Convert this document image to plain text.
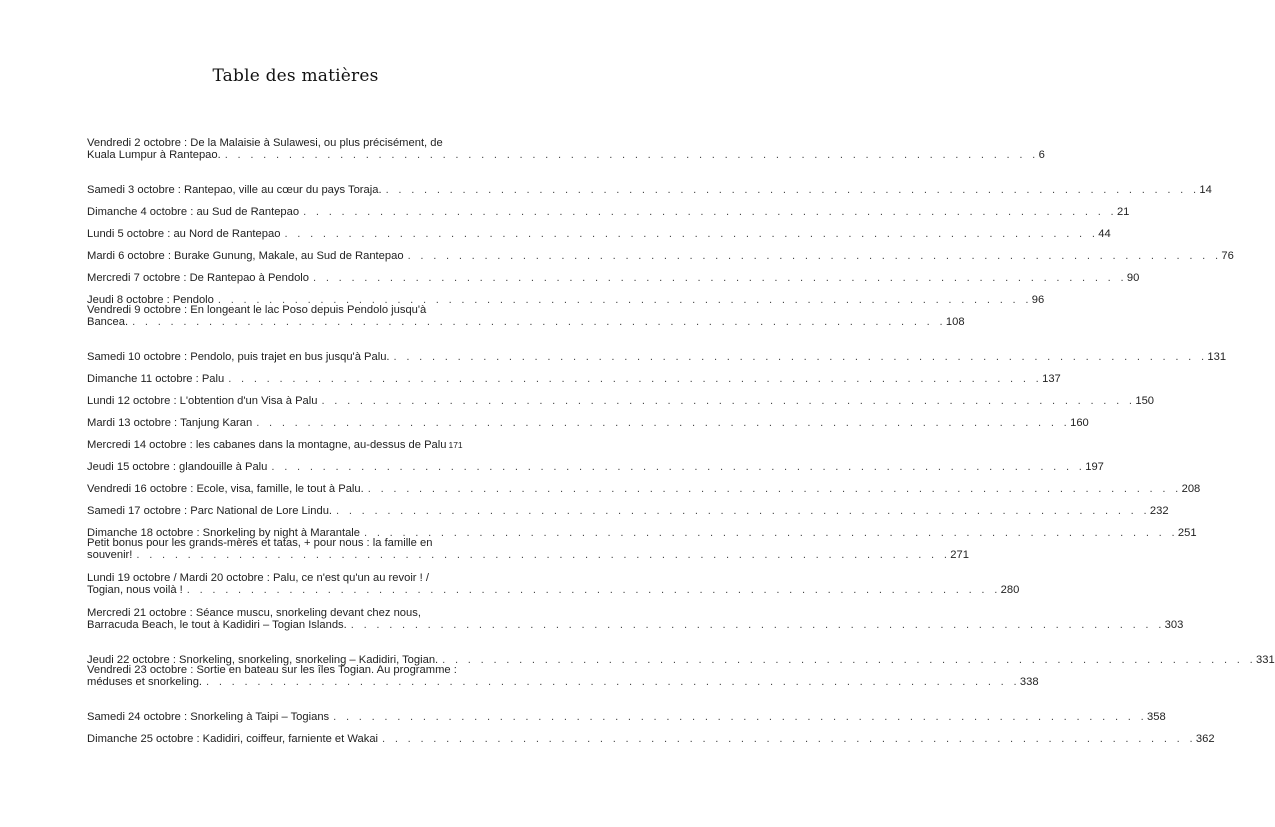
Table des matières
Vendredi 2 octobre : De la Malaisie à Sulawesi, ou plus précisément, de
Kuala Lumpur à Rantepao. . . .	6
Samedi 3 octobre : Rantepao, ville au cœur du pays Toraja. . . .	14
Dimanche 4 octobre : au Sud de Rantepao . . .	21
Lundi 5 octobre : au Nord de Rantepao . . .	44
Mardi 6 octobre : Burake Gunung, Makale, au Sud de Rantepao . . .	76
Mercredi 7 octobre : De Rantepao à Pendolo . . .	90
Jeudi 8 octobre : Pendolo . . .	96
Vendredi 9 octobre : En longeant le lac Poso depuis Pendolo jusqu'à
Bancea. . . .	108
Samedi 10 octobre : Pendolo, puis trajet en bus jusqu'à Palu. . . .	131
Dimanche 11 octobre : Palu . . .	137
Lundi 12 octobre : L'obtention d'un Visa à Palu . . .	150
Mardi 13 octobre : Tanjung Karan . . .	160
Mercredi 14 octobre : les cabanes dans la montagne, au-dessus de Palu 171
Jeudi 15 octobre : glandouille à Palu . . .	197
Vendredi 16 octobre : Ecole, visa, famille, le tout à Palu. . . .	208
Samedi 17 octobre : Parc National de Lore Lindu. . . .	232
Dimanche 18 octobre : Snorkeling by night à Marantale . . .	251
Petit bonus pour les grands-mères et tatas, + pour nous : la famille en
souvenir! . . .	271
Lundi 19 octobre / Mardi 20 octobre : Palu, ce n'est qu'un au revoir ! /
Togian, nous voilà ! . . .	280
Mercredi 21 octobre : Séance muscu, snorkeling devant chez nous,
Barracuda Beach, le tout à Kadidiri – Togian Islands. . . .	303
Jeudi 22 octobre : Snorkeling, snorkeling, snorkeling – Kadidiri, Togian. . . .	331
Vendredi 23 octobre : Sortie en bateau sur les îles Togian. Au programme :
méduses et snorkeling. . . .	338
Samedi 24 octobre : Snorkeling à Taipi – Togians . . .	358
Dimanche 25 octobre : Kadidiri, coiffeur, farniente et Wakai . . .	362
